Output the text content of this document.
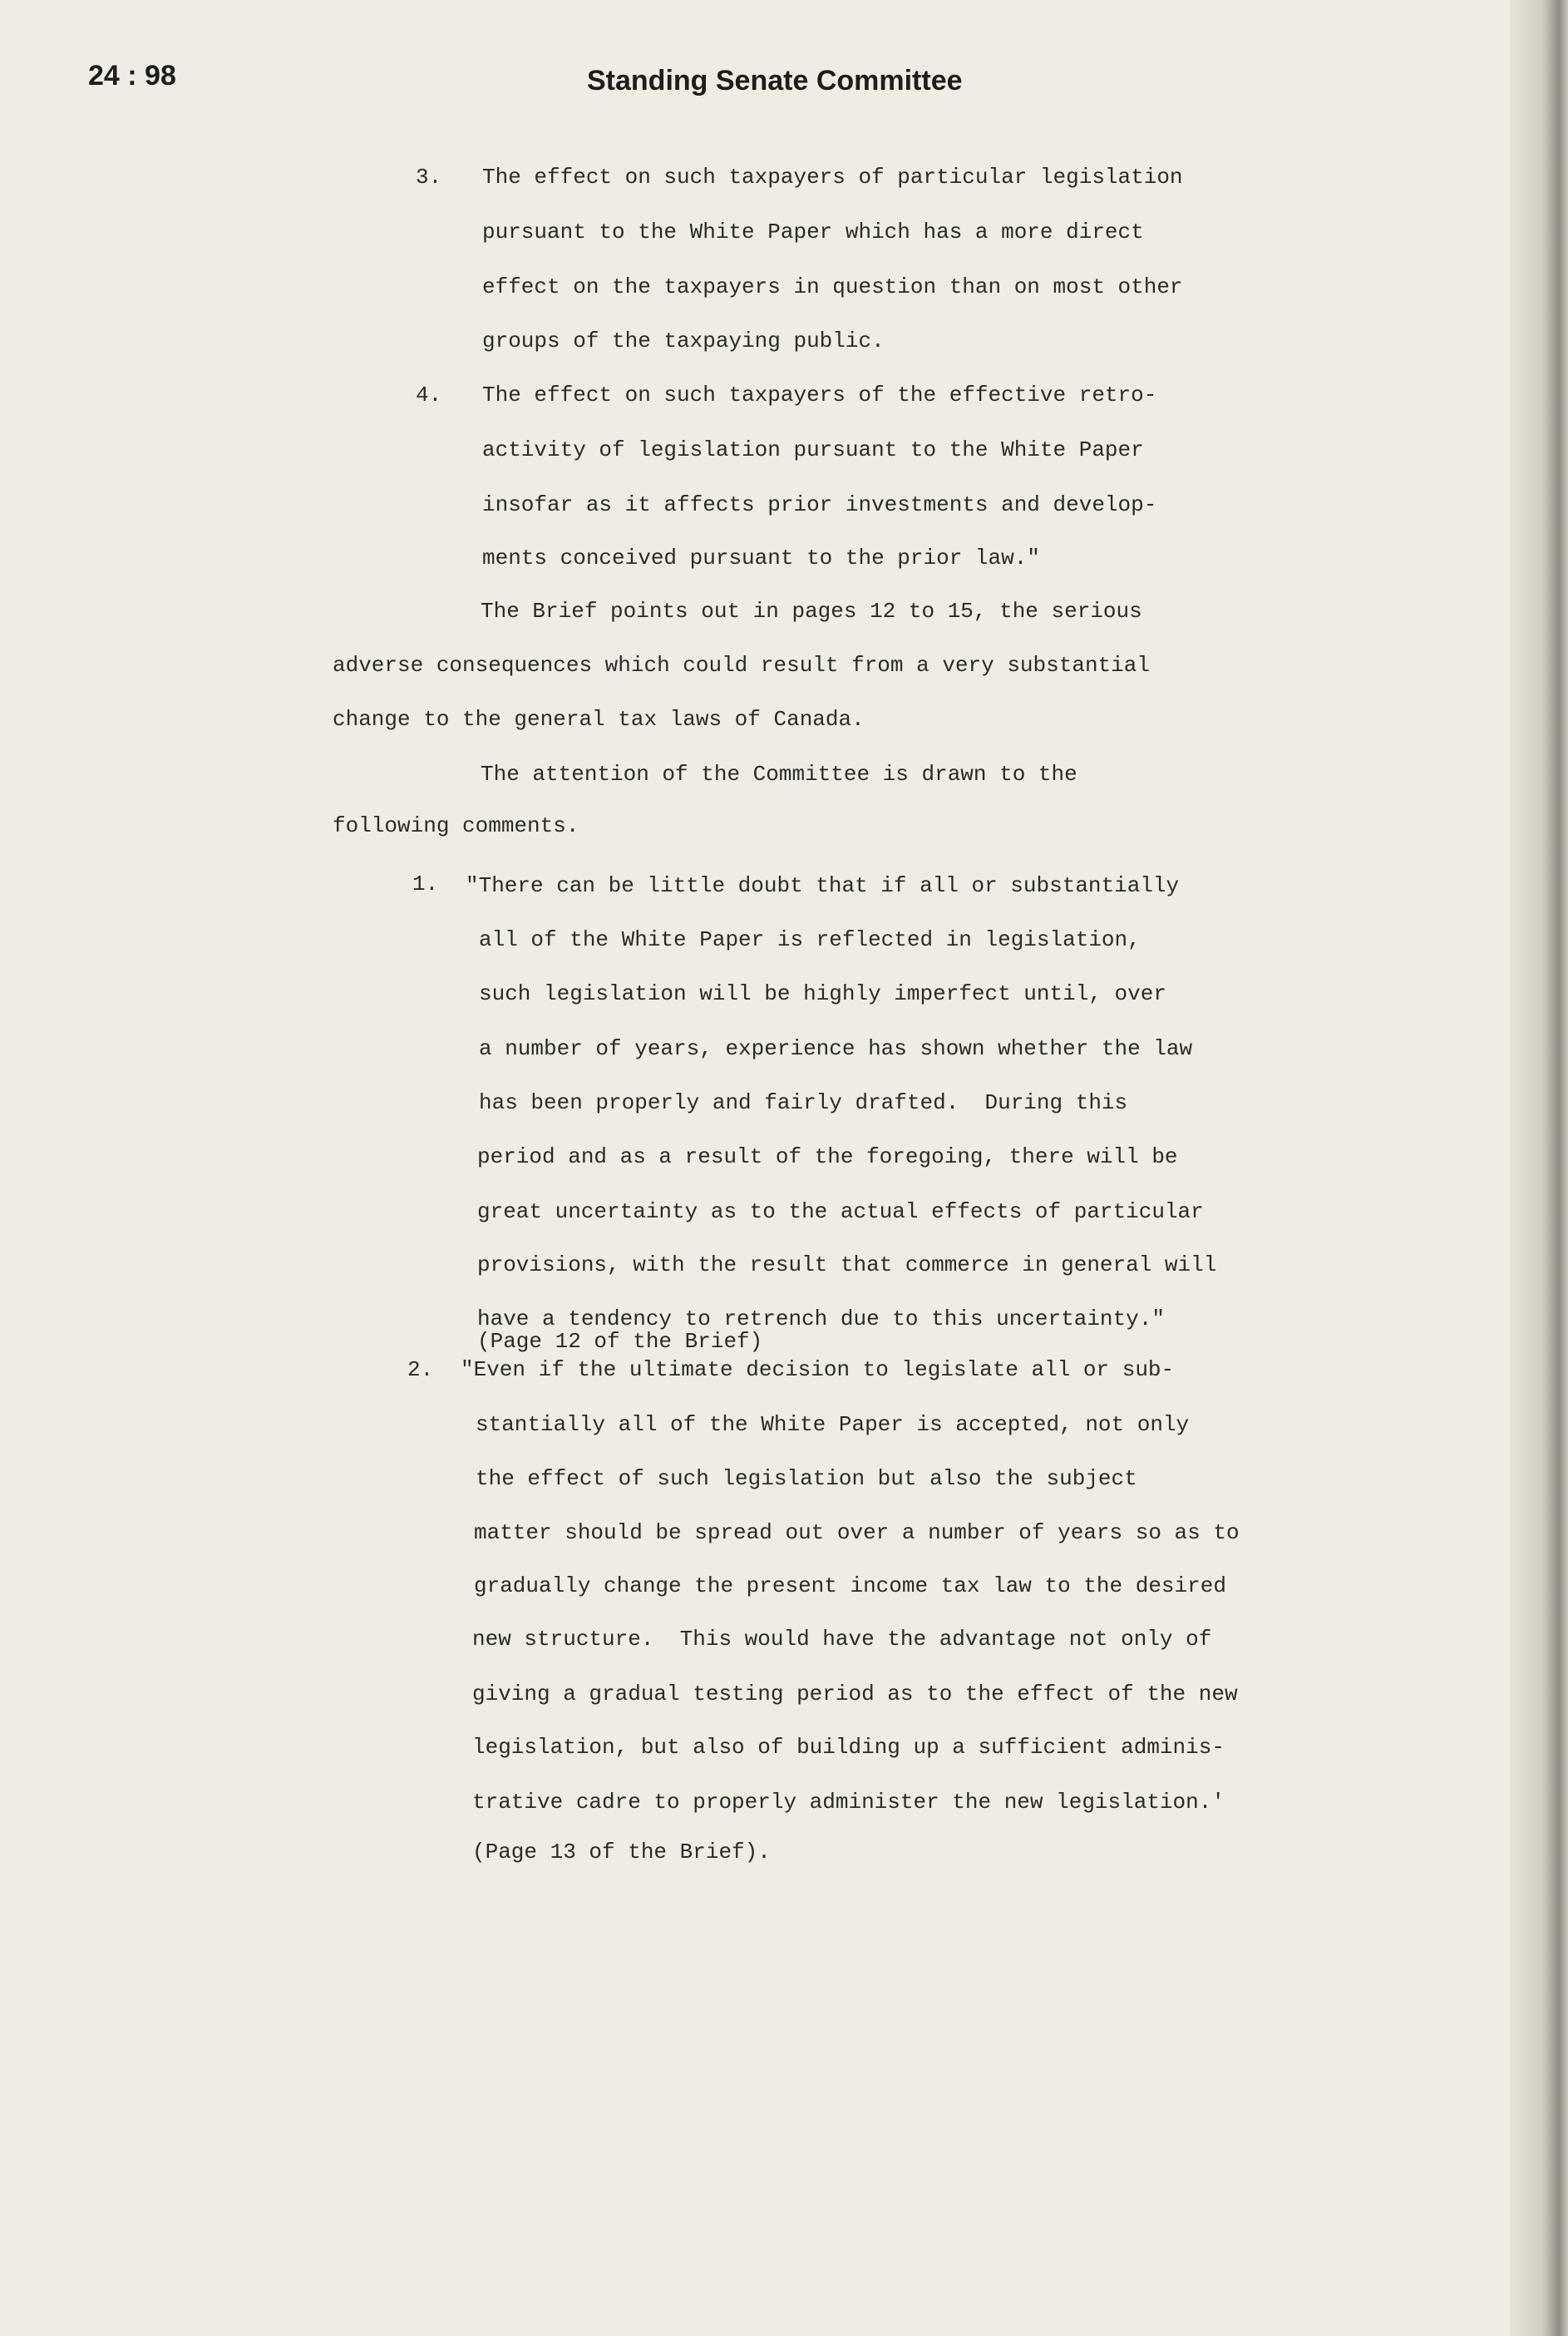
24 : 98	Standing Senate Committee
3. The effect on such taxpayers of particular legislation
pursuant to the White Paper which has a more direct
effect on the taxpayers in question than on most other
groups of the taxpaying public.
4. The effect on such taxpayers of the effective retro-
activity of legislation pursuant to the White Paper
insofar as it affects prior investments and develop-
ments conceived pursuant to the prior law."
The Brief points out in pages 12 to 15, the serious
adverse consequences which could result from a very substantial
change to the general tax laws of Canada.
The attention of the Committee is drawn to the
following comments.
1. "There can be little doubt that if all or substantially
all of the White Paper is reflected in legislation,
such legislation will be highly imperfect until, over
a number of years, experience has shown whether the law
has been properly and fairly drafted.  During this
period and as a result of the foregoing, there will be
great uncertainty as to the actual effects of particular
provisions, with the result that commerce in general will
have a tendency to retrench due to this uncertainty."
(Page 12 of the Brief)
2. "Even if the ultimate decision to legislate all or sub-
stantially all of the White Paper is accepted, not only
the effect of such legislation but also the subject
matter should be spread out over a number of years so as to
gradually change the present income tax law to the desired
new structure.  This would have the advantage not only of
giving a gradual testing period as to the effect of the new
legislation, but also of building up a sufficient adminis-
trative cadre to properly administer the new legislation.'
(Page 13 of the Brief).
